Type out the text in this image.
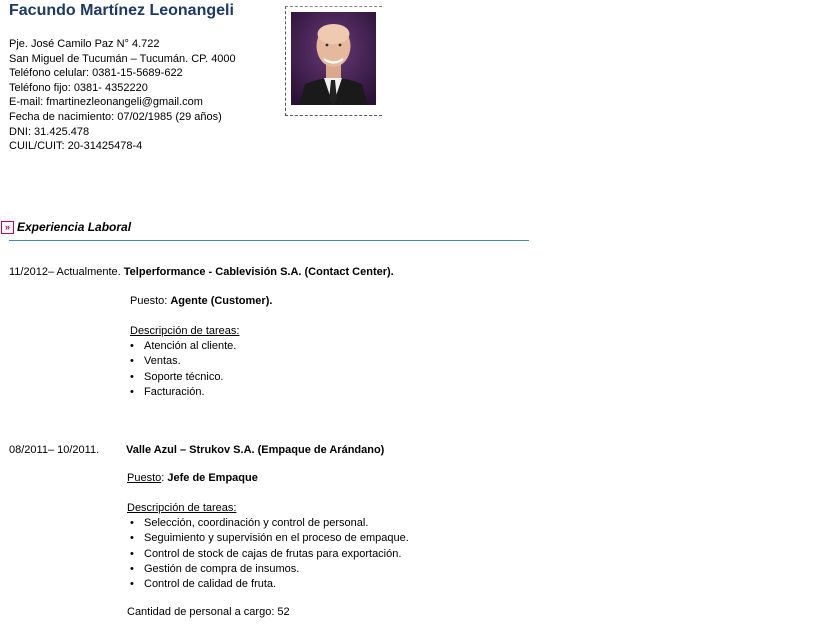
Facundo Martínez Leonangeli
Pje. José Camilo Paz N° 4.722
San Miguel de Tucumán – Tucumán. CP. 4000
Teléfono celular: 0381-15-5689-622
Teléfono fijo: 0381- 4352220
E-mail: fmartinezleonangeli@gmail.com
Fecha de nacimiento: 07/02/1985 (29 años)
DNI: 31.425.478
CUIL/CUIT: 20-31425478-4
» Experiencia Laboral
11/2012– Actualmente. Telperformance - Cablevisión S.A. (Contact Center).
Puesto: Agente (Customer).
Descripción de tareas:
• Atención al cliente.
• Ventas.
• Soporte técnico.
• Facturación.
08/2011– 10/2011. Valle Azul – Strukov S.A. (Empaque de Arándano)
Puesto: Jefe de Empaque
Descripción de tareas:
• Selección, coordinación y control de personal.
• Seguimiento y supervisión en el proceso de empaque.
• Control de stock de cajas de frutas para exportación.
• Gestión de compra de insumos.
• Control de calidad de fruta.
Cantidad de personal a cargo: 52
